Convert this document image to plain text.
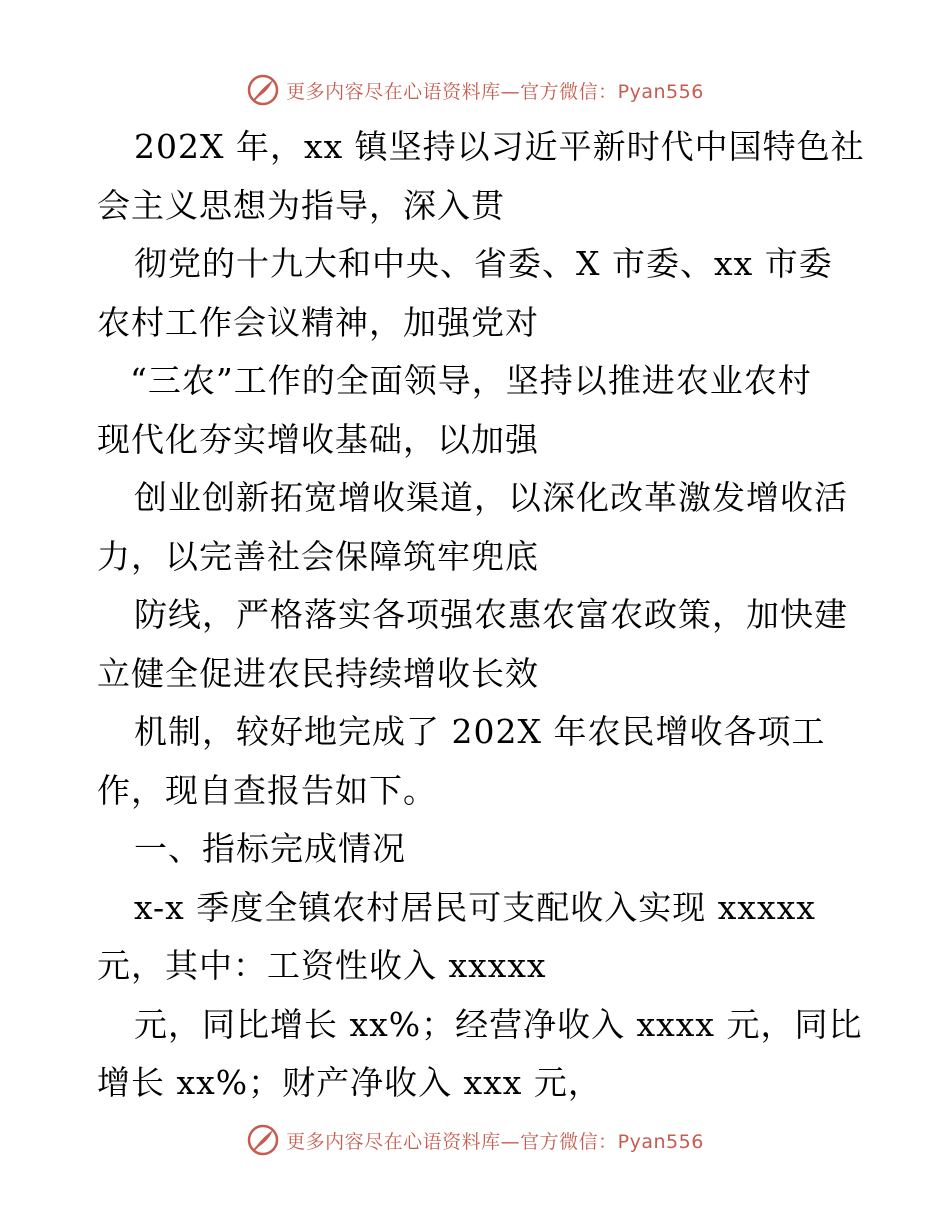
更多内容尽在心语资料库—官方微信：Pyan556
202X 年，xx 镇坚持以习近平新时代中国特色社
会主义思想为指导，深入贯
彻党的十九大和中央、省委、X 市委、xx 市委
农村工作会议精神，加强党对
“三农”工作的全面领导，坚持以推进农业农村
现代化夯实增收基础，以加强
创业创新拓宽增收渠道，以深化改革激发增收活
力，以完善社会保障筑牢兜底
防线，严格落实各项强农惠农富农政策，加快建
立健全促进农民持续增收长效
机制，较好地完成了 202X 年农民增收各项工
作，现自查报告如下。
一、指标完成情况
x-x 季度全镇农村居民可支配收入实现 xxxxx
元，其中：工资性收入 xxxxx
元，同比增长 xx%；经营净收入 xxxx 元，同比
增长 xx%；财产净收入 xxx 元，
更多内容尽在心语资料库—官方微信：Pyan556
